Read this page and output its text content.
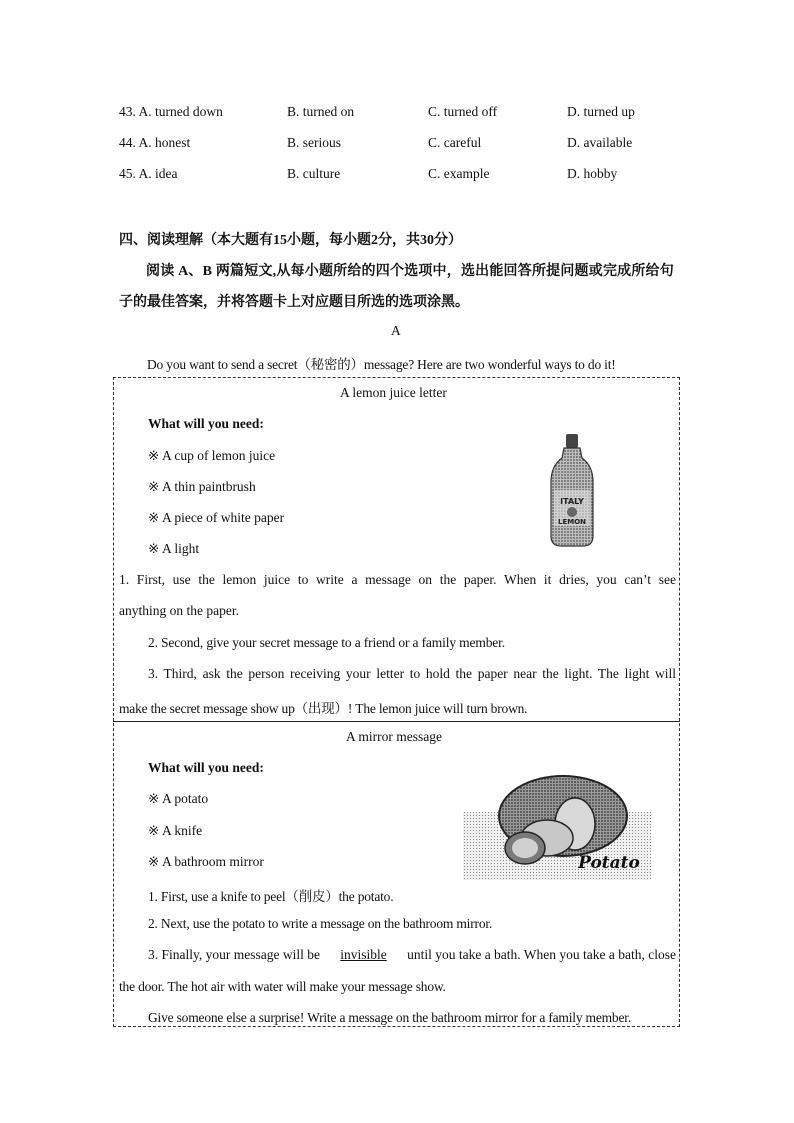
43. A. turned down	B. turned on	C. turned off	D. turned up
44. A. honest	B. serious	C. careful	D. available
45. A. idea	B. culture	C. example	D. hobby
四、阅读理解（本大题有15小题，每小题2分，共30分）
阅读 A、B 两篇短文,从每小题所给的四个选项中，选出能回答所提问题或完成所给句
子的最佳答案，并将答题卡上对应题目所选的选项涂黑。
A
Do you want to send a secret（秘密的）message? Here are two wonderful ways to do it!
A lemon juice letter
What will you need:
※ A cup of lemon juice
※ A thin paintbrush
※ A piece of white paper
※ A light
ITALY
LEMON
1. First, use the lemon juice to write a message on the paper. When it dries, you can’t see
anything on the paper.
2. Second, give your secret message to a friend or a family member.
3. Third, ask the person receiving your letter to hold the paper near the light. The light will
make the secret message show up（出现）! The lemon juice will turn brown.
A mirror message
What will you need:
※ A potato
※ A knife
※ A bathroom mirror	Potato
1. First, use a knife to peel（削皮）the potato.
2. Next, use the potato to write a message on the bathroom mirror.
3. Finally, your message will be invisible until you take a bath. When you take a bath, close
the door. The hot air with water will make your message show.
Give someone else a surprise! Write a message on the bathroom mirror for a family member.
